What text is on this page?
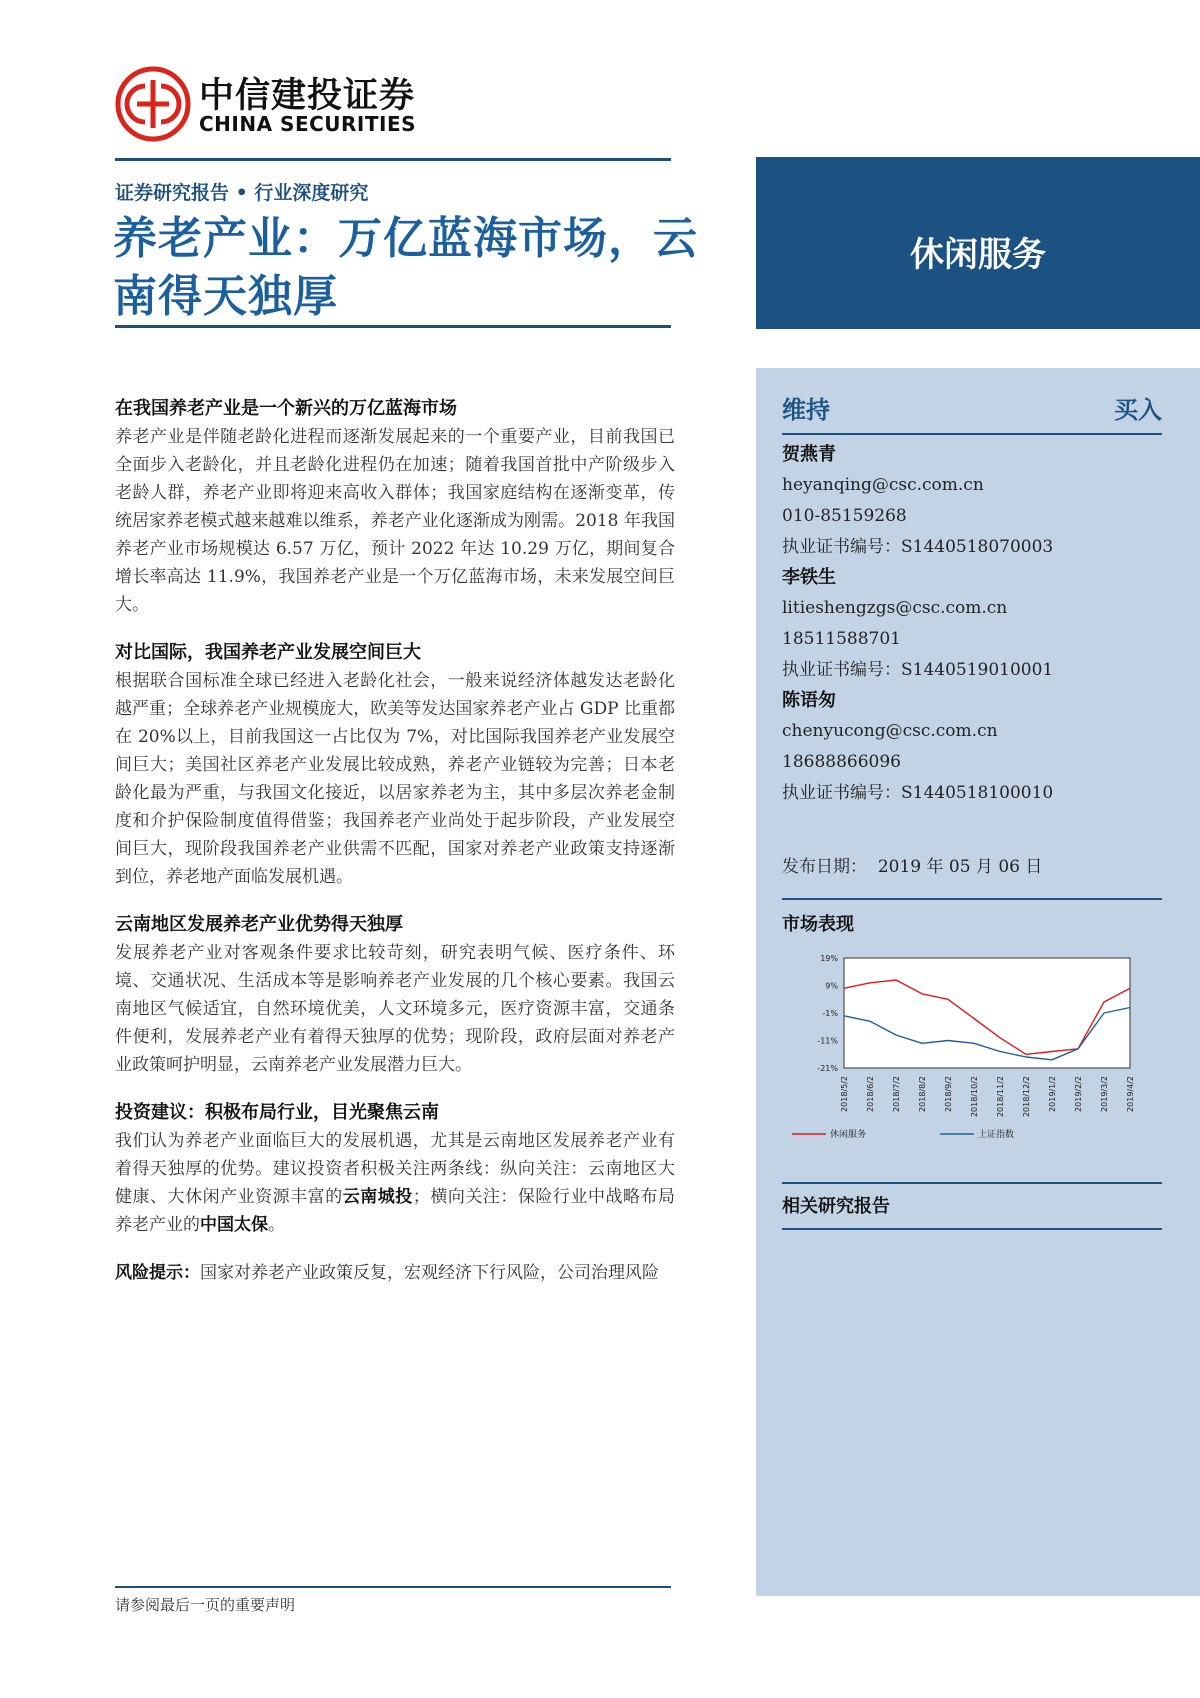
中信建投证券
CHINA SECURITIES
证券研究报告 • 行业深度研究
养老产业：万亿蓝海市场，云南得天独厚
休闲服务
在我国养老产业是一个新兴的万亿蓝海市场

养老产业是伴随老龄化进程而逐渐发展起来的一个重要产业，目前我国已全面步入老龄化，并且老龄化进程仍在加速；随着我国首批中产阶级步入老龄人群，养老产业即将迎来高收入群体；我国家庭结构在逐渐变革，传统居家养老模式越来越难以维系，养老产业化逐渐成为刚需。2018 年我国养老产业市场规模达 6.57 万亿，预计 2022 年达 10.29 万亿，期间复合增长率高达 11.9%，我国养老产业是一个万亿蓝海市场，未来发展空间巨大。

对比国际，我国养老产业发展空间巨大

根据联合国标准全球已经进入老龄化社会，一般来说经济体越发达老龄化越严重；全球养老产业规模庞大，欧美等发达国家养老产业占 GDP 比重都在 20%以上，目前我国这一占比仅为 7%，对比国际我国养老产业发展空间巨大；美国社区养老产业发展比较成熟，养老产业链较为完善；日本老龄化最为严重，与我国文化接近，以居家养老为主，其中多层次养老金制度和介护保险制度值得借鉴；我国养老产业尚处于起步阶段，产业发展空间巨大，现阶段我国养老产业供需不匹配，国家对养老产业政策支持逐渐到位，养老地产面临发展机遇。

云南地区发展养老产业优势得天独厚

发展养老产业对客观条件要求比较苛刻，研究表明气候、医疗条件、环境、交通状况、生活成本等是影响养老产业发展的几个核心要素。我国云南地区气候适宜，自然环境优美，人文环境多元，医疗资源丰富，交通条件便利，发展养老产业有着得天独厚的优势；现阶段，政府层面对养老产业政策呵护明显，云南养老产业发展潜力巨大。

投资建议：积极布局行业，目光聚焦云南

我们认为养老产业面临巨大的发展机遇，尤其是云南地区发展养老产业有着得天独厚的优势。建议投资者积极关注两条线：纵向关注：云南地区大健康、大休闲产业资源丰富的云南城投；横向关注：保险行业中战略布局养老产业的中国太保。

风险提示：国家对养老产业政策反复，宏观经济下行风险，公司治理风险

维持	买入
贺燕青
heyanqing@csc.com.cn
010-85159268
执业证书编号：S1440518070003
李铁生
litieshengzgs@csc.com.cn
18511588701
执业证书编号：S1440519010001
陈语匆
chenyucong@csc.com.cn
18688866096
执业证书编号：S1440518100010
发布日期： 2019 年 05 月 06 日
市场表现
19%
9%
-1%
-11%
-21%
2018/5/2 2018/6/2 2018/7/2 2018/8/2 2018/9/2 2018/10/2 2018/11/2 2018/12/2 2019/1/2 2019/2/2 2019/3/2 2019/4/2
休闲服务	上证指数
相关研究报告
请参阅最后一页的重要声明
